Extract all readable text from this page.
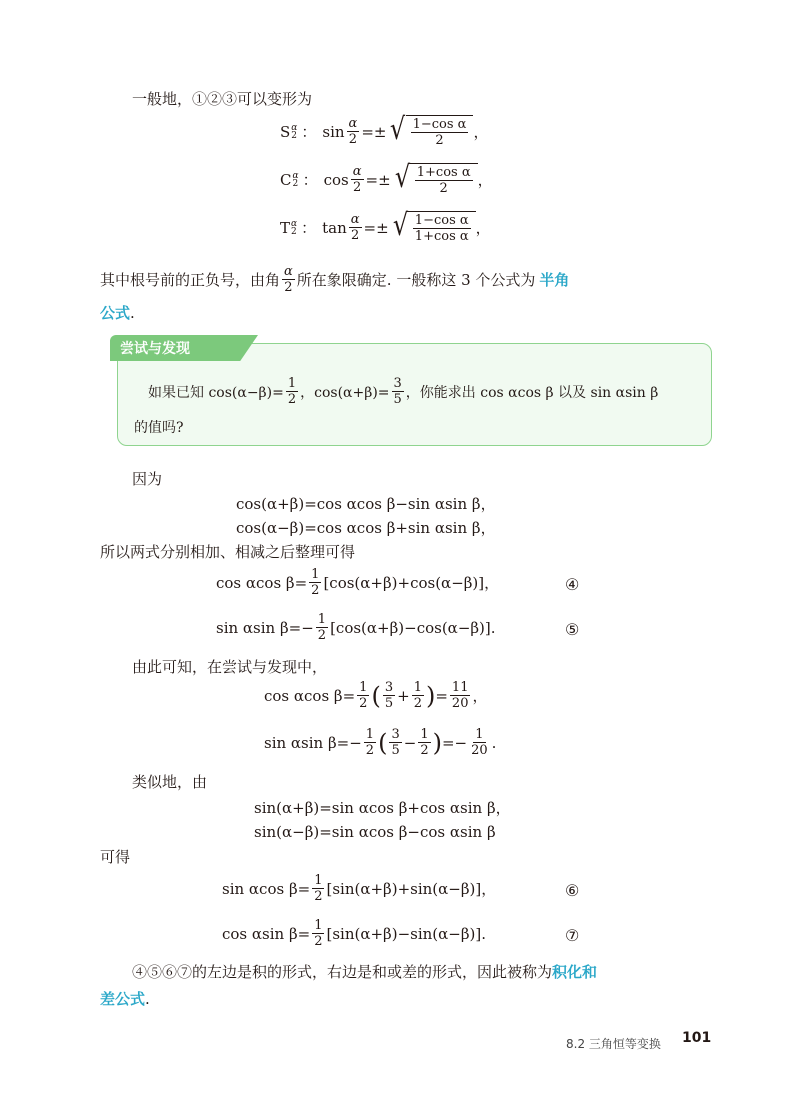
一般地，①②③可以变形为
S α
2 ： $\sin \frac{\alpha}{2}$ =± √ $\frac{\text{1−cos α}}{2}$ ，
C α
2 ： $\cos \frac{\alpha}{2}$ =± √ $\frac{\text{1+cos α}}{2}$ ，
T α
2 ： $\tan \frac{\alpha}{2}$ =± √ $\frac{\text{1−cos α}}{\text{1+cos α}}$ ，
其中根号前的正负号，由角 $\frac{\alpha}{2}$ 所在象限确定. 一般称这 3 个公式为 半角
公式.
尝试与发现
如果已知 $\cos(\alpha-\beta)= \frac{1}{2}$ ，$\cos(\alpha+\beta)= \frac{3}{5}$ ，你能求出 cos αcos β 以及 sin αsin β
的值吗?
因为
cos(α+β)=cos αcos β−sin αsin β，
cos(α−β)=cos αcos β+sin αsin β，
所以两式分别相加、相减之后整理可得
cos αcos $\beta= \frac{1}{2} [\cos(\alpha+\beta)+\cos(\alpha-\beta)]$，	④
sin αsin $\beta=- \frac{1}{2} [\cos(\alpha+\beta)-\cos(\alpha-\beta)]$.	⑤
由此可知，在尝试与发现中，
cos αcos $\beta= \frac{1}{2}$ ( $\frac{3}{5} + \frac{1}{2}$ ) = $\frac{11}{20}$ ，
sin αsin $\beta=- \frac{1}{2}$ ( $\frac{3}{5} - \frac{1}{2}$ ) =− $\frac{1}{20}$ .
类似地，由
sin(α+β)=sin αcos β+cos αsin β，
sin(α−β)=sin αcos β−cos αsin β
可得
sin αcos $\beta= \frac{1}{2} [\sin(\alpha+\beta)+\sin(\alpha-\beta)]$，	⑥
cos αsin $\beta= \frac{1}{2} [\sin(\alpha+\beta)-\sin(\alpha-\beta)]$.	⑦
④⑤⑥⑦的左边是积的形式，右边是和或差的形式，因此被称为积化和
差公式.
8.2 三角恒等变换 101
